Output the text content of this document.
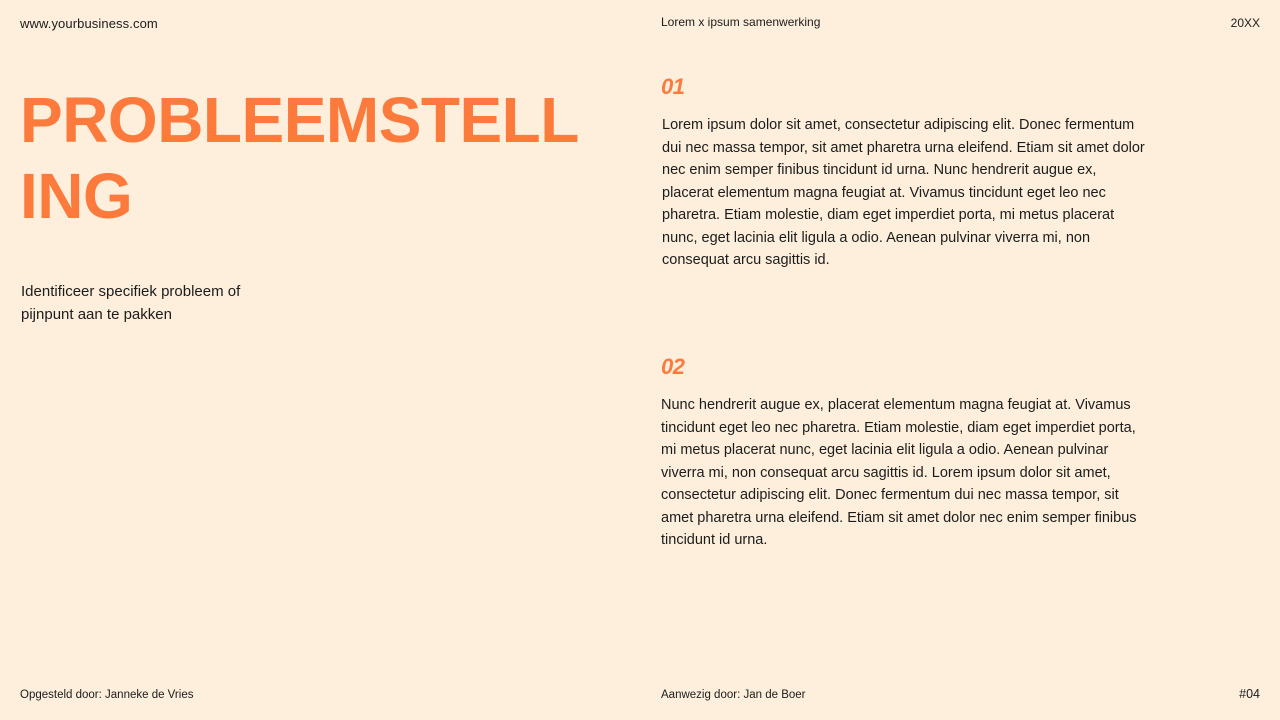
www.yourbusiness.com	Lorem x ipsum samenwerking	20XX
PROBLEEMSTELLING
Identificeer specifiek probleem of pijnpunt aan te pakken
01
Lorem ipsum dolor sit amet, consectetur adipiscing elit. Donec fermentum dui nec massa tempor, sit amet pharetra urna eleifend. Etiam sit amet dolor nec enim semper finibus tincidunt id urna. Nunc hendrerit augue ex, placerat elementum magna feugiat at. Vivamus tincidunt eget leo nec pharetra. Etiam molestie, diam eget imperdiet porta, mi metus placerat nunc, eget lacinia elit ligula a odio. Aenean pulvinar viverra mi, non consequat arcu sagittis id.
02
Nunc hendrerit augue ex, placerat elementum magna feugiat at. Vivamus tincidunt eget leo nec pharetra. Etiam molestie, diam eget imperdiet porta, mi metus placerat nunc, eget lacinia elit ligula a odio. Aenean pulvinar viverra mi, non consequat arcu sagittis id. Lorem ipsum dolor sit amet, consectetur adipiscing elit. Donec fermentum dui nec massa tempor, sit amet pharetra urna eleifend. Etiam sit amet dolor nec enim semper finibus tincidunt id urna.
Opgesteld door: Janneke de Vries	Aanwezig door: Jan de Boer	#04
